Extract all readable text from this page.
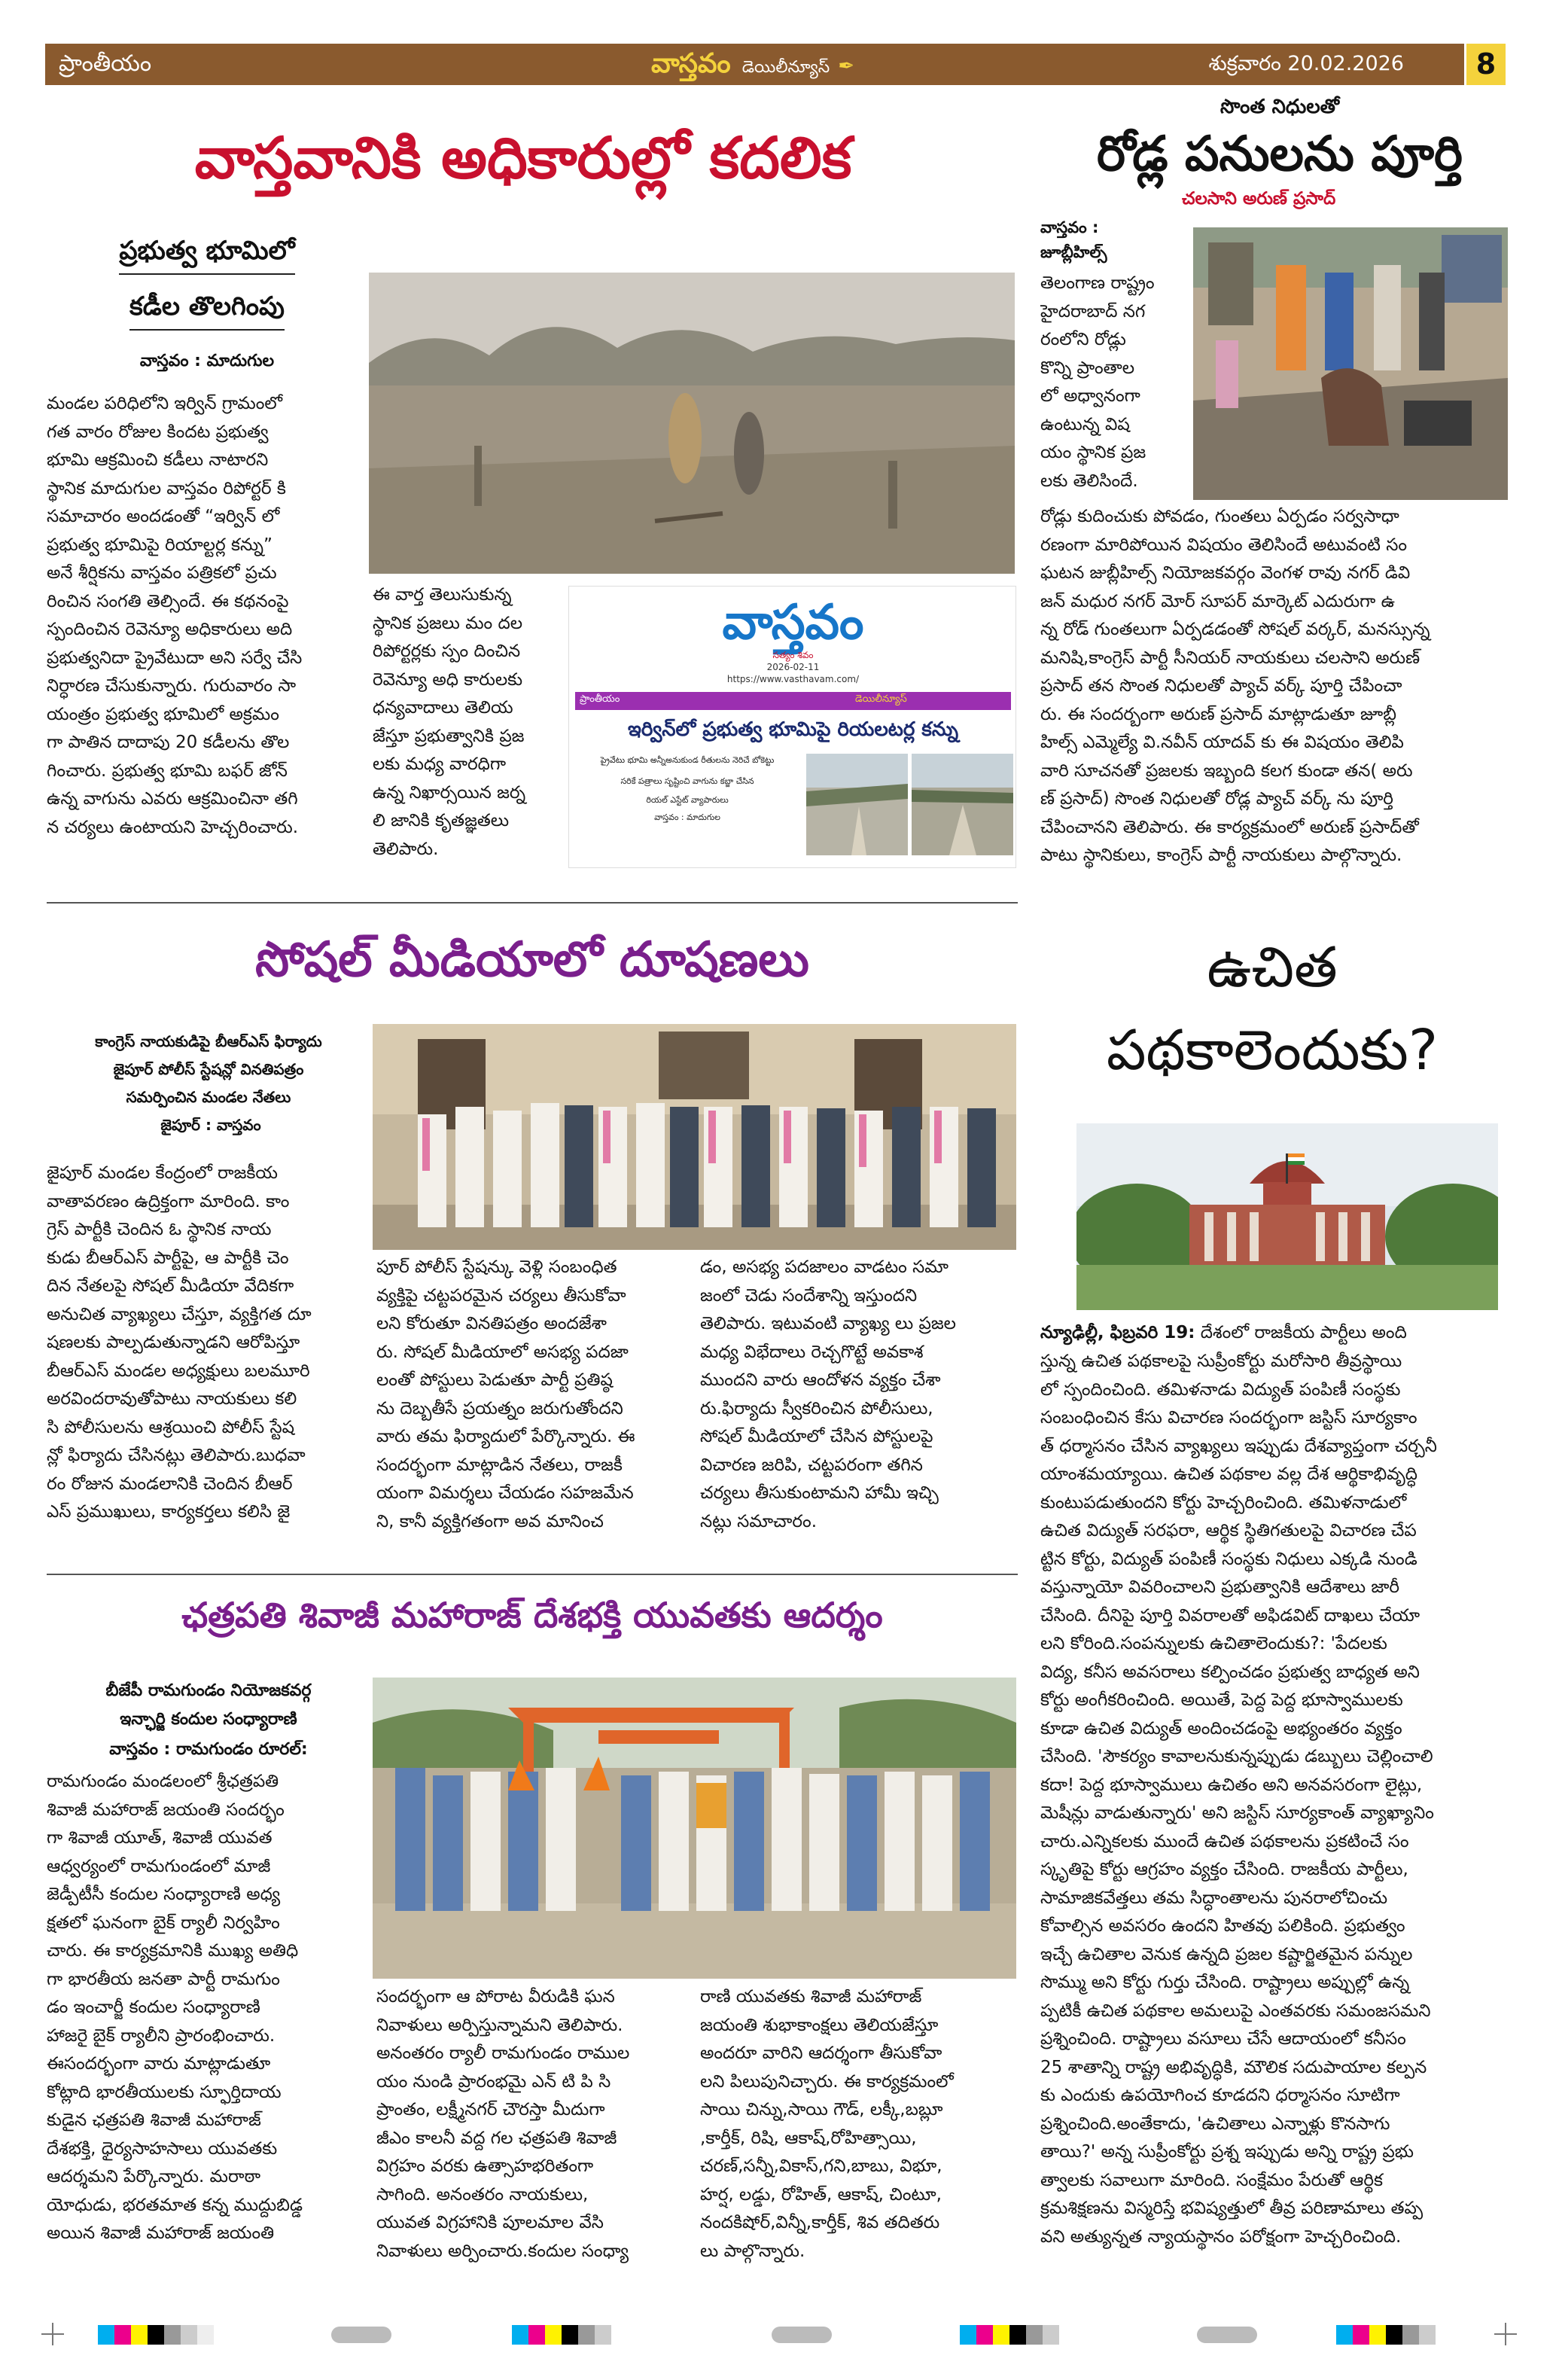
ప్రాంతీయం	వాస్తవం డెయిలీన్యూస్ ✒	శుక్రవారం 20.02.2026	8
వాస్తవానికి అధికారుల్లో కదలిక
ప్రభుత్వ భూమిలో
కడీల తొలగింపు
వాస్తవం : మాదుగుల
మండల పరిధిలోని ఇర్విన్ గ్రామంలో
గత వారం రోజుల కిందట ప్రభుత్వ
భూమి ఆక్రమించి కడీలు నాటారని
స్థానిక మాదుగుల వాస్తవం రిపోర్టర్ కి
సమాచారం అందడంతో “ఇర్విన్ లో
ప్రభుత్వ భూమిపై రియాల్టర్ల కన్ను”
అనే శీర్షికను వాస్తవం పత్రికలో ప్రచు
రించిన సంగతి తెల్సిందే. ఈ కథనంపై
స్పందించిన రెవెన్యూ అధికారులు అది
ప్రభుత్వనిదా ప్రైవేటుదా అని సర్వే చేసి
నిర్ధారణ చేసుకున్నారు. గురువారం సా
యంత్రం ప్రభుత్వ భూమిలో అక్రమం
గా పాతిన దాదాపు 20 కడీలను తొల
గించారు. ప్రభుత్వ భూమి బఫర్ జోన్
ఉన్న వాగును ఎవరు ఆక్రమించినా తగి
న చర్యలు ఉంటాయని హెచ్చరించారు.
ఈ వార్త తెలుసుకున్న
స్థానిక ప్రజలు మం దల
రిపోర్టర్లకు స్పం దించిన
రెవెన్యూ అధి కారులకు
ధన్యవాదాలు తెలియ
జేస్తూ ప్రభుత్వానికి ప్రజ
లకు మధ్య వారధిగా
ఉన్న నిఖార్సయిన జర్న
లి జానికి కృతజ్ఞతలు
తెలిపారు.
వాస్తవం
సత్యం శివం
2026-02-11
https://www.vasthavam.com/
ప్రాంతీయం	డెయిలీన్యూస్
ఇర్విన్‌లో ప్రభుత్వ భూమిపై రియలటర్ల కన్ను
ప్రైవేటు భూమి అన్నీఅనుకుండ రీతులను నెరిచే బోకెట్టు
సరికే పత్రాలు సృష్టించి వాగును కబ్జా చేసిన
రియల్ ఎస్టేట్ వ్యాపారులు
వాస్తవం : మాదుగుల
సొంత నిధులతో
రోడ్ల పనులను పూర్తి
చలసాని అరుణ్ ప్రసాద్
వాస్తవం :
జూబ్లీహిల్స్
తెలంగాణ రాష్ట్రం
హైదరాబాద్ నగ
రంలోని రోడ్లు
కొన్ని ప్రాంతాల
లో అధ్వానంగా
ఉంటున్న విష
యం స్థానిక ప్రజ
లకు తెలిసిందే.
రోడ్లు కుదించుకు పోవడం, గుంతలు ఏర్పడం సర్వసాధా
రణంగా మారిపోయిన విషయం తెలిసిందే అటువంటి సం
ఘటన జుబ్లీహిల్స్ నియోజకవర్గం వెంగళ రావు నగర్ డివి
జన్ మధుర నగర్ మోర్ సూపర్ మార్కెట్ ఎదురుగా ఉ
న్న రోడ్ గుంతలుగా ఏర్పడడంతో సోషల్ వర్కర్, మనస్సున్న
మనిషి,కాంగ్రెస్ పార్టీ సీనియర్ నాయకులు చలసాని అరుణ్
ప్రసాద్ తన సొంత నిధులతో ప్యాచ్ వర్క్ పూర్తి చేపించా
రు. ఈ సందర్బంగా అరుణ్ ప్రసాద్ మాట్లాడుతూ జూబ్లీ
హిల్స్ ఎమ్మెల్యే వి.నవీన్ యాదవ్ కు ఈ విషయం తెలిపి
వారి సూచనతో ప్రజలకు ఇబ్బంది కలగ కుండా తన( అరు
ణ్ ప్రసాద్) సొంత నిధులతో రోడ్ల ప్యాచ్ వర్క్ ను పూర్తి
చేపించానని తెలిపారు. ఈ కార్యక్రమంలో అరుణ్ ప్రసాద్‌తో
పాటు స్థానికులు, కాంగ్రెస్ పార్టీ నాయకులు పాల్గొన్నారు.
సోషల్ మీడియాలో దూషణలు
కాంగ్రెస్ నాయకుడిపై బీఆర్ఎస్ ఫిర్యాదు
జైపూర్ పోలీస్ స్టేషన్లో వినతిపత్రం
సమర్పించిన మండల నేతలు
జైపూర్ : వాస్తవం
జైపూర్ మండల కేంద్రంలో రాజకీయ
వాతావరణం ఉద్రిక్తంగా మారింది. కాం
గ్రెస్ పార్టీకి చెందిన ఓ స్థానిక నాయ
కుడు బీఆర్ఎస్ పార్టీపై, ఆ పార్టీకి చెం
దిన నేతలపై సోషల్ మీడియా వేదికగా
అనుచిత వ్యాఖ్యలు చేస్తూ, వ్యక్తిగత దూ
షణలకు పాల్పడుతున్నాడని ఆరోపిస్తూ
బీఆర్ఎస్ మండల అధ్యక్షులు బలమూరి
అరవిందరావుతోపాటు నాయకులు కలి
సి పోలీసులను ఆశ్రయించి పోలీస్ స్టేష
న్లో ఫిర్యాదు చేసినట్లు తెలిపారు.బుధవా
రం రోజున మండలానికి చెందిన బీఆర్
ఎస్ ప్రముఖులు, కార్యకర్తలు కలిసి జై
పూర్ పోలీస్ స్టేషన్కు వెళ్లి సంబంధిత
వ్యక్తిపై చట్టపరమైన చర్యలు తీసుకోవా
లని కోరుతూ వినతిపత్రం అందజేశా
రు. సోషల్ మీడియాలో అసభ్య పదజా
లంతో పోస్టులు పెడుతూ పార్టీ ప్రతిష్ఠ
ను దెబ్బతీసే ప్రయత్నం జరుగుతోందని
వారు తమ ఫిర్యాదులో పేర్కొన్నారు. ఈ
సందర్భంగా మాట్లాడిన నేతలు, రాజకీ
యంగా విమర్శలు చేయడం సహజమేన
ని, కానీ వ్యక్తిగతంగా అవ మానించ
డం, అసభ్య పదజాలం వాడటం సమా
జంలో చెడు సందేశాన్ని ఇస్తుందని
తెలిపారు. ఇటువంటి వ్యాఖ్య లు ప్రజల
మధ్య విభేదాలు రెచ్చగొట్టే అవకాశ
ముందని వారు ఆందోళన వ్యక్తం చేశా
రు.ఫిర్యాదు స్వీకరించిన పోలీసులు,
సోషల్ మీడియాలో చేసిన పోస్టులపై
విచారణ జరిపి, చట్టపరంగా తగిన
చర్యలు తీసుకుంటామని హామీ ఇచ్చి
నట్లు సమాచారం.
ఉచిత
పథకాలెందుకు?
న్యూఢిల్లీ, ఫిబ్రవరి 19: దేశంలో రాజకీయ పార్టీలు అంది
స్తున్న ఉచిత పథకాలపై సుప్రీంకోర్టు మరోసారి తీవ్రస్థాయి
లో స్పందించింది. తమిళనాడు విద్యుత్ పంపిణీ సంస్థకు
సంబంధించిన కేసు విచారణ సందర్భంగా జస్టిస్ సూర్యకాం
త్ ధర్మాసనం చేసిన వ్యాఖ్యలు ఇప్పుడు దేశవ్యాప్తంగా చర్చనీ
యాంశమయ్యాయి. ఉచిత పథకాల వల్ల దేశ ఆర్థికాభివృద్ధి
కుంటుపడుతుందని కోర్టు హెచ్చరించింది. తమిళనాడులో
ఉచిత విద్యుత్ సరఫరా, ఆర్థిక స్థితిగతులపై విచారణ చేప
ట్టిన కోర్టు, విద్యుత్ పంపిణీ సంస్థకు నిధులు ఎక్కడి నుండి
వస్తున్నాయో వివరించాలని ప్రభుత్వానికి ఆదేశాలు జారీ
చేసింది. దీనిపై పూర్తి వివరాలతో అఫిడవిట్ దాఖలు చేయా
లని కోరింది.సంపన్నులకు ఉచితాలెందుకు?: 'పేదలకు
విద్య, కనీస అవసరాలు కల్పించడం ప్రభుత్వ బాధ్యత అని
కోర్టు అంగీకరించింది. అయితే, పెద్ద పెద్ద భూస్వాములకు
కూడా ఉచిత విద్యుత్ అందించడంపై అభ్యంతరం వ్యక్తం
చేసింది. 'సౌకర్యం కావాలనుకున్నప్పుడు డబ్బులు చెల్లించాలి
కదా! పెద్ద భూస్వాములు ఉచితం అని అనవసరంగా లైట్లు,
మెషీన్లు వాడుతున్నారు' అని జస్టిస్ సూర్యకాంత్ వ్యాఖ్యానిం
చారు.ఎన్నికలకు ముందే ఉచిత పథకాలను ప్రకటించే సం
స్కృతిపై కోర్టు ఆగ్రహం వ్యక్తం చేసింది. రాజకీయ పార్టీలు,
సామాజికవేత్తలు తమ సిద్ధాంతాలను పునరాలోచించు
కోవాల్సిన అవసరం ఉందని హితవు పలికింది. ప్రభుత్వం
ఇచ్చే ఉచితాల వెనుక ఉన్నది ప్రజల కష్టార్జితమైన పన్నుల
సొమ్ము అని కోర్టు గుర్తు చేసింది. రాష్ట్రాలు అప్పుల్లో ఉన్న
ప్పటికీ ఉచిత పథకాల అమలుపై ఎంతవరకు సమంజసమని
ప్రశ్నించింది. రాష్ట్రాలు వసూలు చేసే ఆదాయంలో కనీసం
25 శాతాన్ని రాష్ట్ర అభివృద్ధికి, మౌలిక సదుపాయాల కల్పన
కు ఎందుకు ఉపయోగించ కూడదని ధర్మాసనం సూటిగా
ప్రశ్నించింది.అంతేకాదు, 'ఉచితాలు ఎన్నాళ్లు కొనసాగు
తాయి?' అన్న సుప్రీంకోర్టు ప్రశ్న ఇప్పుడు అన్ని రాష్ట్ర ప్రభు
త్వాలకు సవాలుగా మారింది. సంక్షేమం పేరుతో ఆర్థిక
క్రమశిక్షణను విస్మరిస్తే భవిష్యత్తులో తీవ్ర పరిణామాలు తప్ప
వని అత్యున్నత న్యాయస్థానం పరోక్షంగా హెచ్చరించింది.
ఛత్రపతి శివాజీ మహారాజ్ దేశభక్తి యువతకు ఆదర్శం
బీజేపీ రామగుండం నియోజకవర్గ
ఇన్ఛార్జి కందుల సంధ్యారాణి
వాస్తవం : రామగుండం రూరల్:
రామగుండం మండలంలో శ్రీఛత్రపతి
శివాజీ మహారాజ్ జయంతి సందర్భం
గా శివాజీ యూత్, శివాజీ యువత
ఆధ్వర్యంలో రామగుండంలో మాజీ
జెడ్పీటీసీ కందుల సంధ్యారాణి అధ్య
క్షతలో ఘనంగా బైక్ ర్యాలీ నిర్వహిం
చారు. ఈ కార్యక్రమానికి ముఖ్య అతిధి
గా భారతీయ జనతా పార్టీ రామగుం
డం ఇంచార్జీ కందుల సంధ్యారాణి
హాజరై బైక్ ర్యాలీని ప్రారంభించారు.
ఈసందర్భంగా వారు మాట్లాడుతూ
కోట్లాది భారతీయులకు స్ఫూర్తిదాయ
కుడైన ఛత్రపతి శివాజీ మహారాజ్
దేశభక్తి, ధైర్యసాహసాలు యువతకు
ఆదర్శమని పేర్కొన్నారు. మరాఠా
యోధుడు, భరతమాత కన్న ముద్దుబిడ్డ
అయిన శివాజీ మహారాజ్ జయంతి
సందర్భంగా ఆ పోరాట వీరుడికి ఘన
నివాళులు అర్పిస్తున్నామని తెలిపారు.
అనంతరం ర్యాలీ రామగుండం రాముల
యం నుండి ప్రారంభమై ఎన్ టి పి సి
ప్రాంతం, లక్ష్మీనగర్ చౌరస్తా మీదుగా
జీఎం కాలనీ వద్ద గల ఛత్రపతి శివాజీ
విగ్రహం వరకు ఉత్సాహభరితంగా
సాగింది. అనంతరం నాయకులు,
యువత విగ్రహానికి పూలమాల వేసి
నివాళులు అర్పించారు.కందుల సంధ్యా
రాణి యువతకు శివాజీ మహారాజ్
జయంతి శుభాకాంక్షలు తెలియజేస్తూ
అందరూ వారిని ఆదర్శంగా తీసుకోవా
లని పిలుపునిచ్చారు. ఈ కార్యక్రమంలో
సాయి చిన్ను,సాయి గౌడ్, లక్కీ,బబ్లూ
,కార్తీక్, రిషి, ఆకాష్,రోహిత్సాయి,
చరణ్,సన్నీ,వికాస్,గని,బాబు, విభూ,
హర్ష, లడ్డు, రోహిత్, ఆకాష్, చింటూ,
నందకిషోర్,విన్నీ,కార్తీక్, శివ తదితరు
లు పాల్గొన్నారు.
